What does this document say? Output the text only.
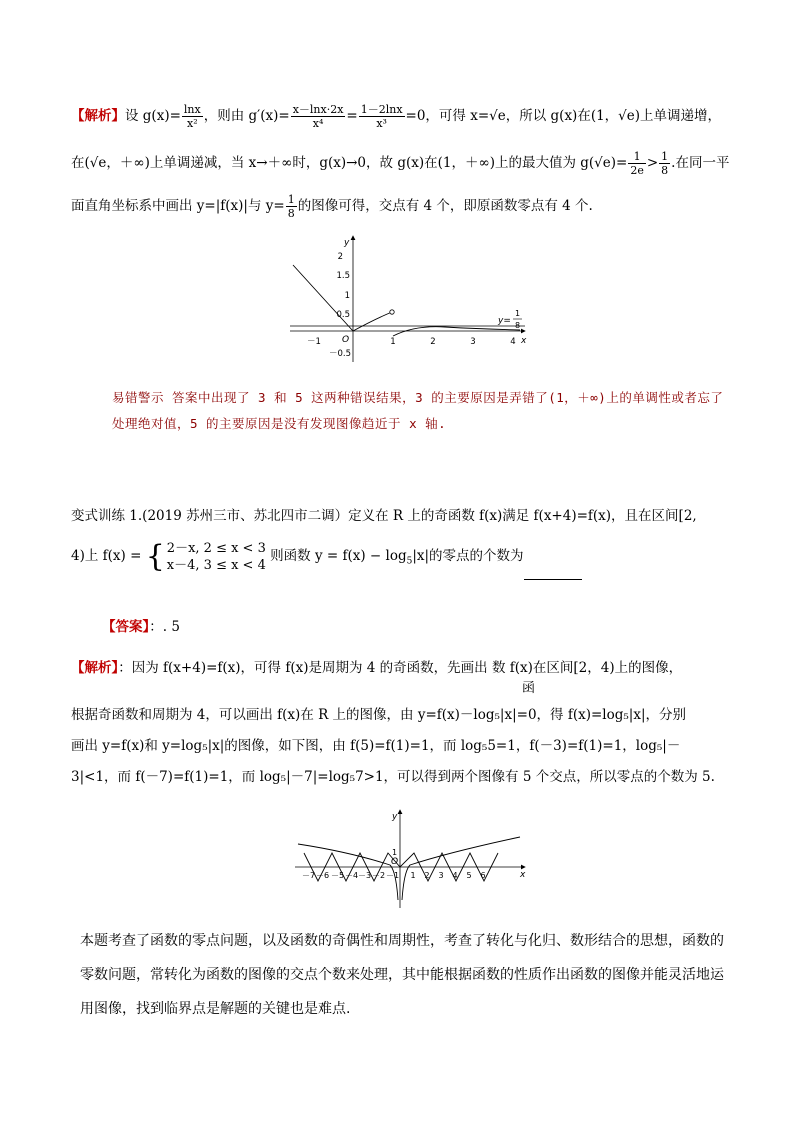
【解析】设 $g(x)= \frac{\ln x}{\text{x²}}$ ，则由 $g'(x)= \frac{x-\ln x\cdot 2x}{\text{x⁴}} = \frac{1-2\ln x}{\text{x³}} =0$，可得 x=√e，所以 g(x)在(1，√e)上单调递增，
在(√e，＋∞)上单调递减，当 x→＋∞时，g(x)→0，故 g(x)在(1，＋∞)上的最大值为 $g(√e)= \frac{1}{2e} > \frac{1}{8}$ .在同一平
面直角坐标系中画出 y=|f(x)|与 $y= \frac{1}{8}$ 的图像可得，交点有 4 个，即原函数零点有 4 个.
y
x
O
2
1.5
1
0.5
－0.5
－1	1	2	3	4
y=
1
8
易错警示 答案中出现了 3 和 5 这两种错误结果，3 的主要原因是弄错了(1，＋∞)上的单调性或者忘了
处理绝对值，5 的主要原因是没有发现图像趋近于 x 轴.
变式训练 1.(2019 苏州三市、苏北四市二调）定义在 R 上的奇函数 f(x)满足 f(x+4)=f(x)，且在区间[2,
4)上 f(x) = { 2－x, 2 ≤ x < 3
x－4, 3 ≤ x < 4
则函数 $y = f(x) - \log_5|x|$的零点的个数为
【答案】：. 5
【解析】：因为 f(x+4)=f(x)，可得 f(x)是周期为 4 的奇函数，先画出 数 f(x)在区间[2，4)上的图像，
函
根据奇函数和周期为 4，可以画出 f(x)在 R 上的图像，由 y=f(x)－log₅|x|=0，得 f(x)=log₅|x|，分别
画出 y=f(x)和 y=log₅|x|的图像，如下图，由 f(5)=f(1)=1，而 log₅5=1，f(－3)=f(1)=1，log₅|－
3|<1，而 f(－7)=f(1)=1，而 log₅|－7|=log₅7>1，可以得到两个图像有 5 个交点，所以零点的个数为 5.
y
x
O
1
－7 －6 －5 －4 －3 －2 －1 1 2 3 4 5 6
本题考查了函数的零点问题，以及函数的奇偶性和周期性，考查了转化与化归、数形结合的思想，函数的
零数问题，常转化为函数的图像的交点个数来处理，其中能根据函数的性质作出函数的图像并能灵活地运
用图像，找到临界点是解题的关键也是难点.
